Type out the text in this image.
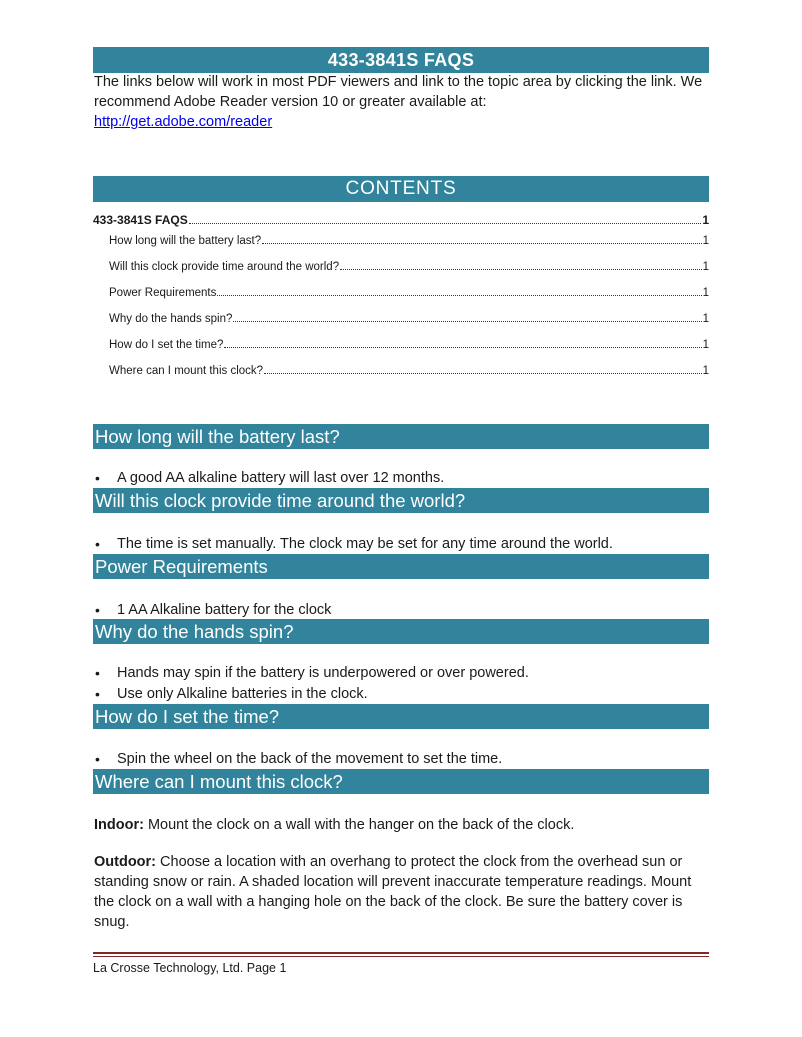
433-3841S FAQS
The links below will work in most PDF viewers and link to the topic area by clicking the link. We recommend Adobe Reader version 10 or greater available at:
http://get.adobe.com/reader
CONTENTS
433-3841S FAQS	1
How long will the battery last?	1
Will this clock provide time around the world?	1
Power Requirements	1
Why do the hands spin?	1
How do I set the time?	1
Where can I mount this clock?	1
How long will the battery last?
• A good AA alkaline battery will last over 12 months.
Will this clock provide time around the world?
• The time is set manually. The clock may be set for any time around the world.
Power Requirements
• 1 AA Alkaline battery for the clock
Why do the hands spin?
• Hands may spin if the battery is underpowered or over powered.
• Use only Alkaline batteries in the clock.
How do I set the time?
• Spin the wheel on the back of the movement to set the time.
Where can I mount this clock?
Indoor: Mount the clock on a wall with the hanger on the back of the clock.
Outdoor: Choose a location with an overhang to protect the clock from the overhead sun or standing snow or rain. A shaded location will prevent inaccurate temperature readings. Mount the clock on a wall with a hanging hole on the back of the clock. Be sure the battery cover is snug.
La Crosse Technology, Ltd. Page 1
